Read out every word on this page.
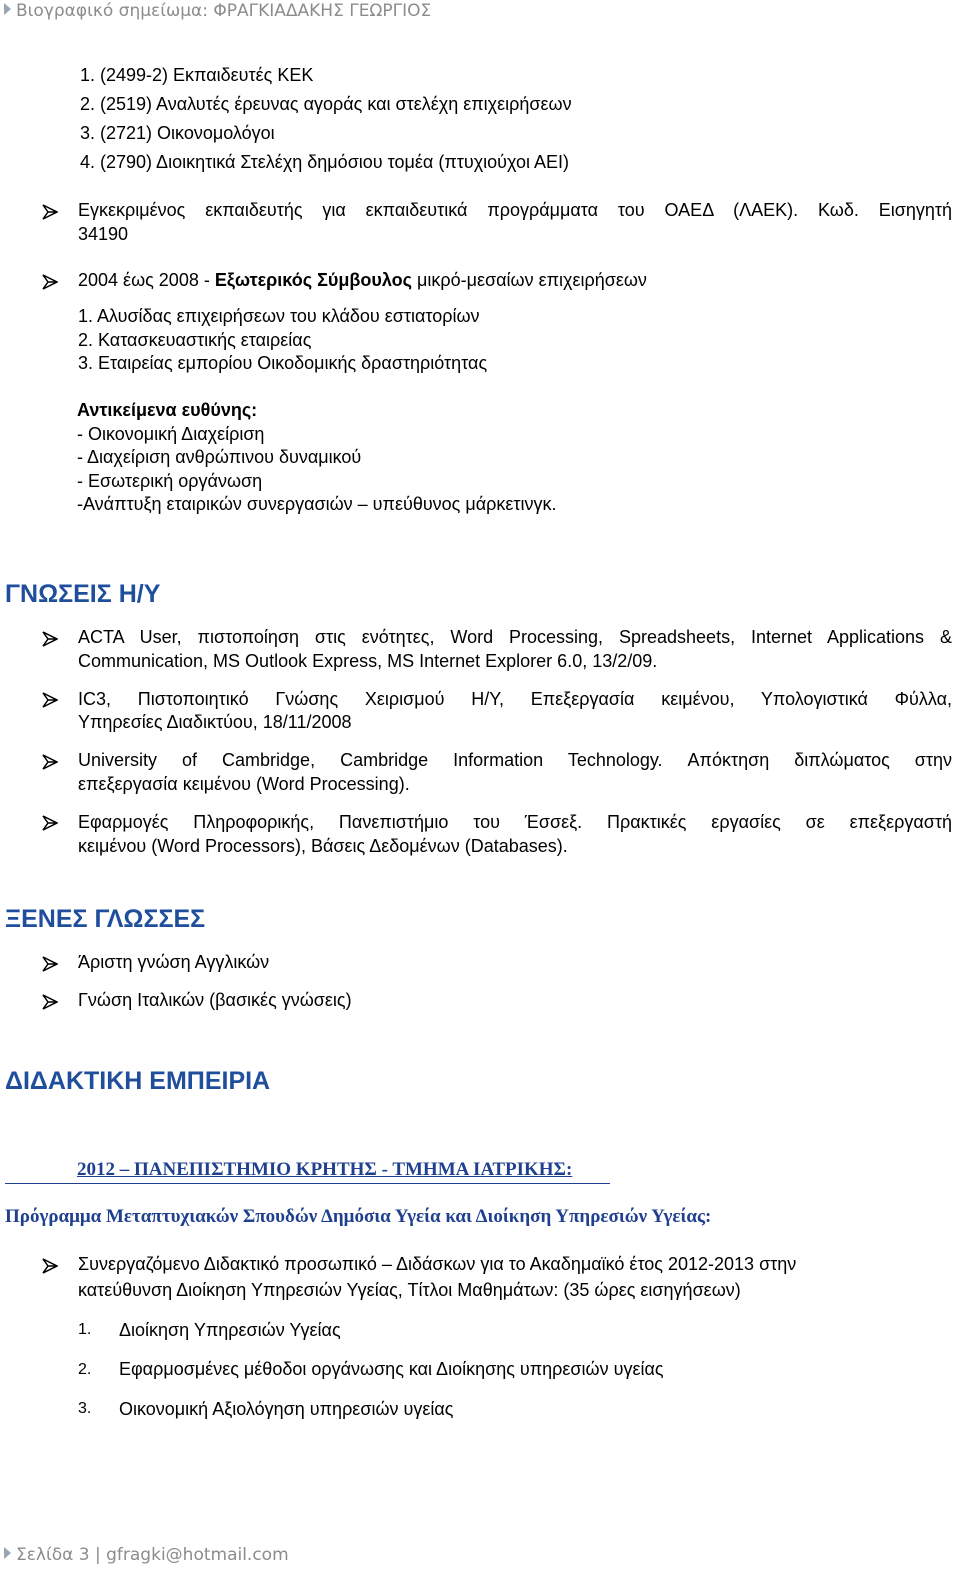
Βιογραφικό σημείωμα: ΦΡΑΓΚΙΑΔΑΚΗΣ ΓΕΩΡΓΙΟΣ
1. (2499-2) Εκπαιδευτές ΚΕΚ
2. (2519) Αναλυτές έρευνας αγοράς και στελέχη επιχειρήσεων
3. (2721) Οικονομολόγοι
4. (2790) Διοικητικά Στελέχη δημόσιου τομέα (πτυχιούχοι ΑΕΙ)
Εγκεκριμένος εκπαιδευτής για εκπαιδευτικά προγράμματα του ΟΑΕΔ (ΛΑΕΚ). Κωδ. Εισηγητή
34190
2004 έως 2008 - Εξωτερικός Σύμβουλος μικρό-μεσαίων επιχειρήσεων
1. Αλυσίδας επιχειρήσεων του κλάδου εστιατορίων
2. Κατασκευαστικής εταιρείας
3. Εταιρείας εμπορίου Οικοδομικής δραστηριότητας
Αντικείμενα ευθύνης:
- Οικονομική Διαχείριση
- Διαχείριση ανθρώπινου δυναμικού
- Εσωτερική οργάνωση
-Ανάπτυξη εταιρικών συνεργασιών – υπεύθυνος μάρκετινγκ.
ΓΝΩΣΕΙΣ Η/Υ
ACTA User, πιστοποίηση στις ενότητες, Word Processing, Spreadsheets, Internet Applications &
Communication, MS Outlook Express, MS Internet Explorer 6.0, 13/2/09.
IC3, Πιστοποιητικό Γνώσης Χειρισμού Η/Υ, Επεξεργασία κειμένου, Υπολογιστικά Φύλλα,
Υπηρεσίες Διαδικτύου, 18/11/2008
University of Cambridge, Cambridge Information Technology. Απόκτηση διπλώματος στην
επεξεργασία κειμένου (Word Processing).
Εφαρμογές Πληροφορικής, Πανεπιστήμιο του Έσσεξ. Πρακτικές εργασίες σε επεξεργαστή
κειμένου (Word Processors), Βάσεις Δεδομένων (Databases).
ΞΕΝΕΣ ΓΛΩΣΣΕΣ
Άριστη γνώση Αγγλικών
Γνώση Ιταλικών (βασικές γνώσεις)
ΔΙΔΑΚΤΙΚΗ ΕΜΠΕΙΡΙΑ
2012 – ΠΑΝΕΠΙΣΤΗΜΙΟ ΚΡΗΤΗΣ - ΤΜΗΜΑ ΙΑΤΡΙΚΗΣ:
Πρόγραμμα Μεταπτυχιακών Σπουδών Δημόσια Υγεία και Διοίκηση Υπηρεσιών Υγείας:
Συνεργαζόμενο Διδακτικό προσωπικό – Διδάσκων για το Ακαδημαϊκό έτος 2012-2013 στην
κατεύθυνση Διοίκηση Υπηρεσιών Υγείας, Τίτλοι Μαθημάτων: (35 ώρες εισηγήσεων)
1. Διοίκηση Υπηρεσιών Υγείας
2. Εφαρμοσμένες μέθοδοι οργάνωσης και Διοίκησης υπηρεσιών υγείας
3. Οικονομική Αξιολόγηση υπηρεσιών υγείας
Σελίδα 3 | gfragki@hotmail.com
